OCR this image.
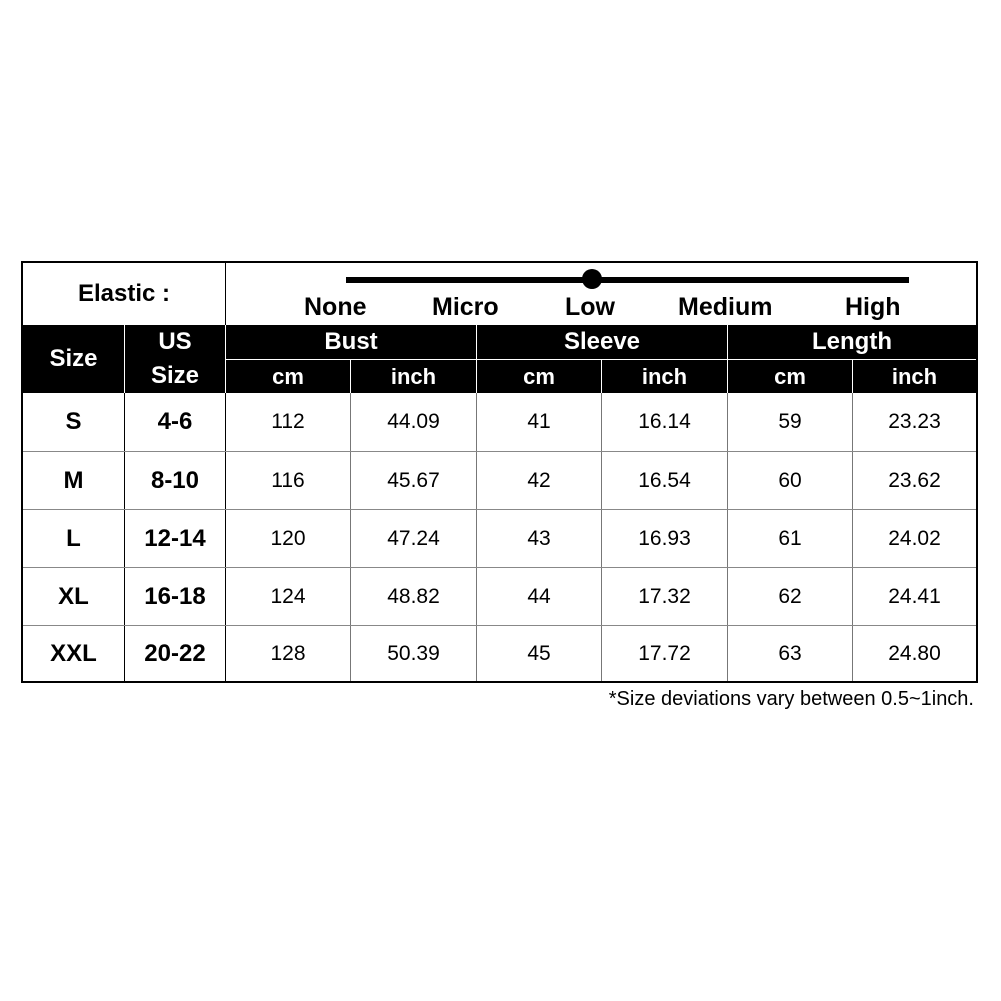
Elastic :	None	Micro	Low	Medium	High
Size
US
Size
Bust	Sleeve	Length
cm	inch	cm	inch	cm	inch
S	4-6	112	44.09	41	16.14	59	23.23
M	8-10	116	45.67	42	16.54	60	23.62
L	12-14	120	47.24	43	16.93	61	24.02
XL	16-18	124	48.82	44	17.32	62	24.41
XXL	20-22	128	50.39	45	17.72	63	24.80
*Size deviations vary between 0.5~1inch.
